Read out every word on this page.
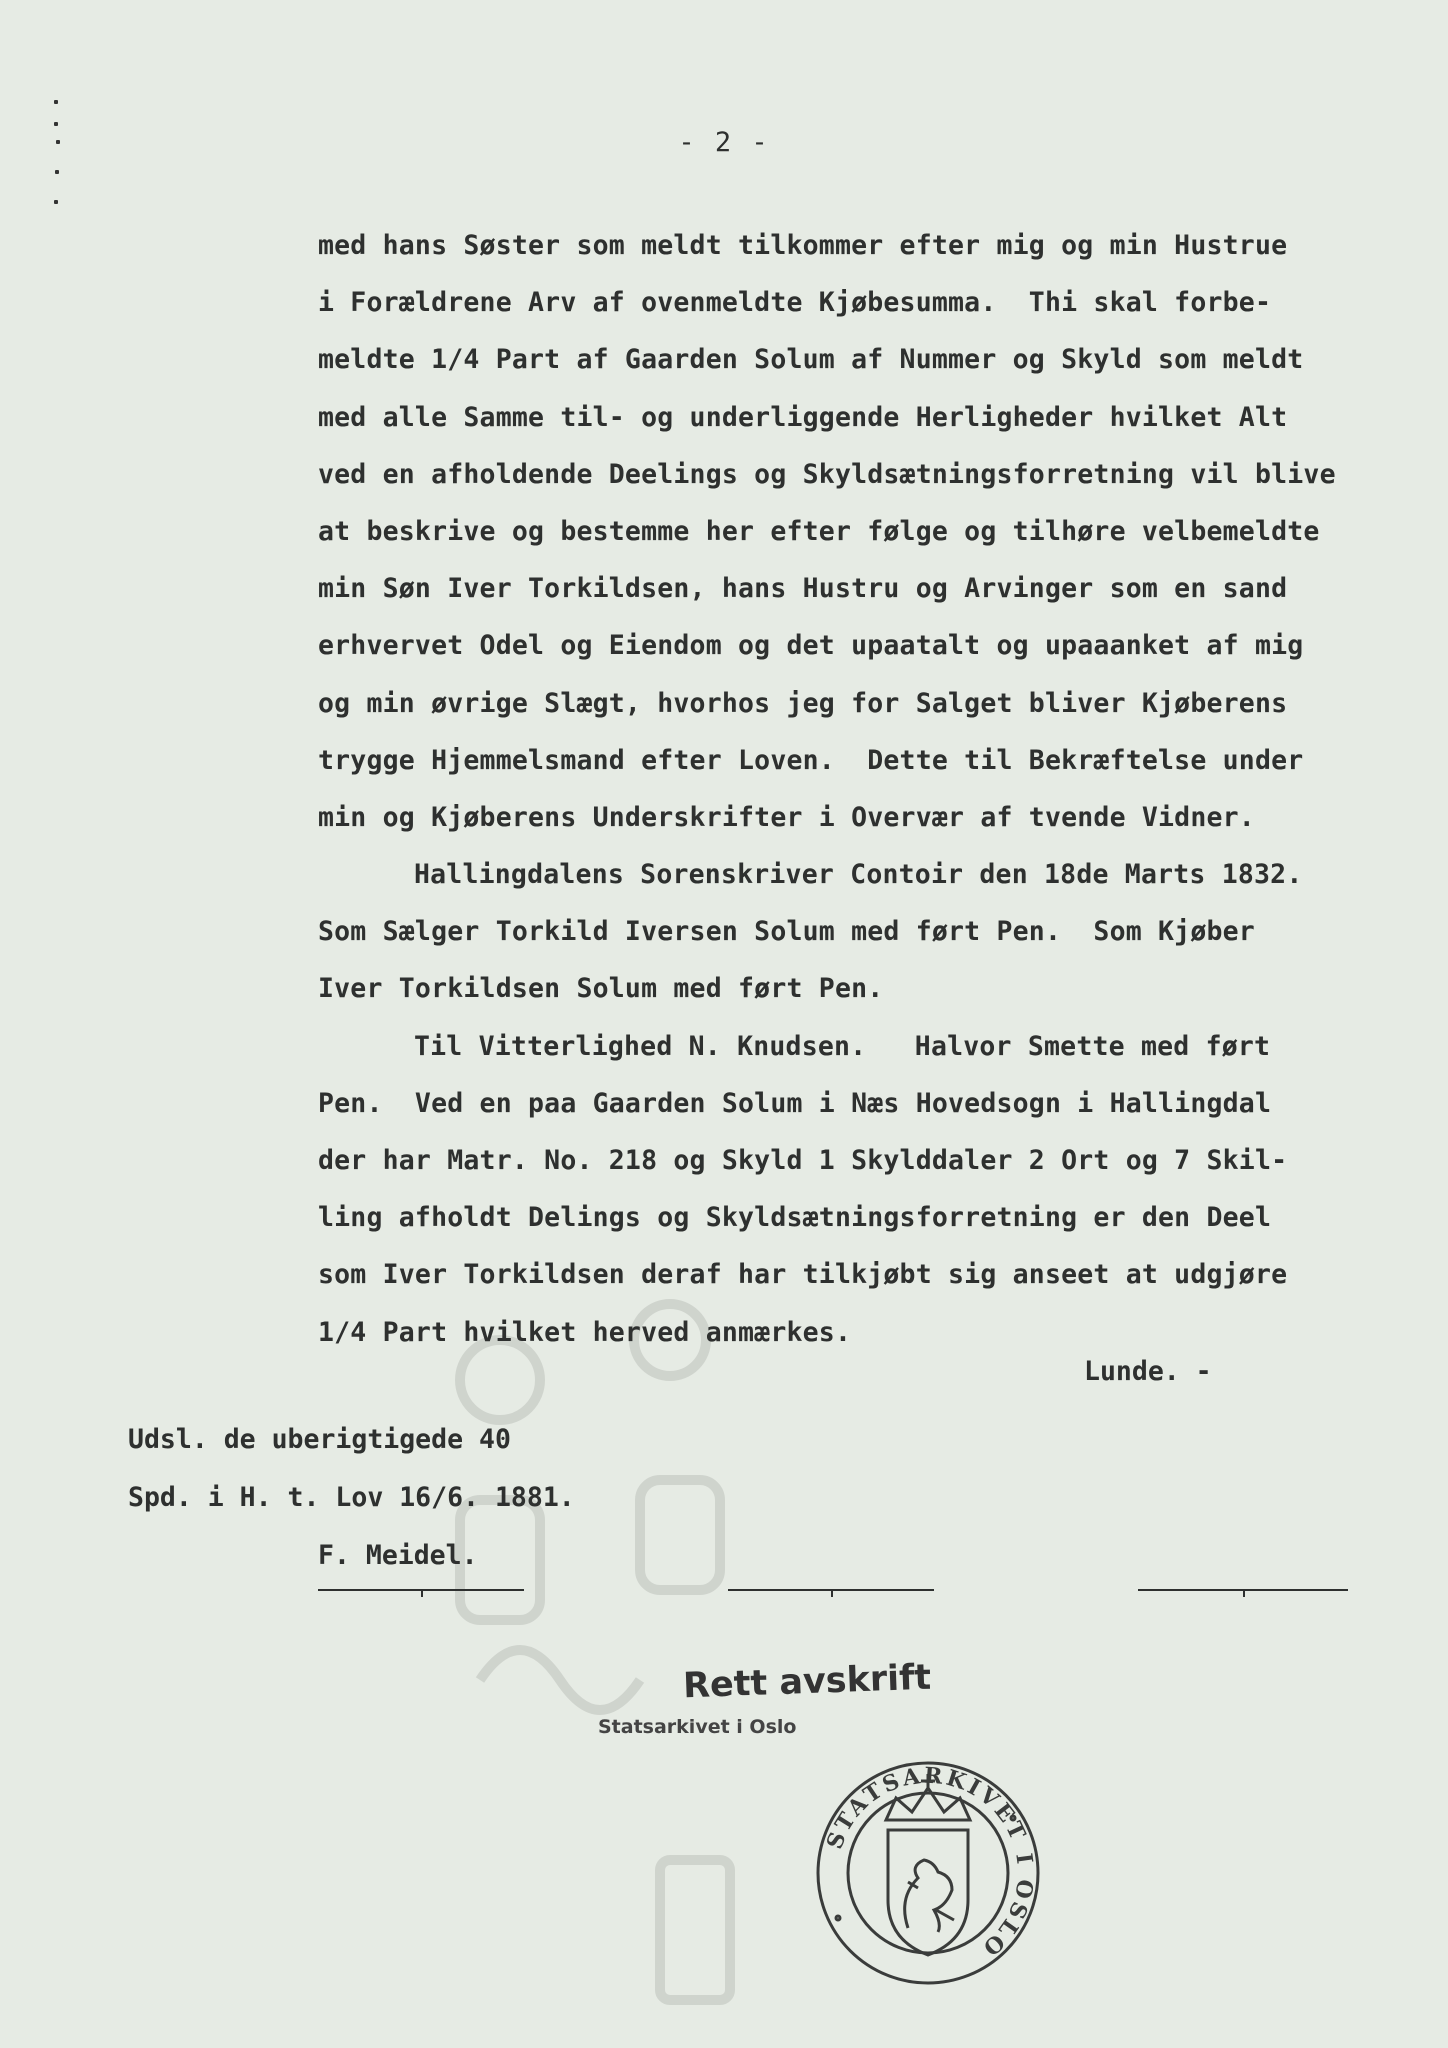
- 2 -
med hans Søster som meldt tilkommer efter mig og min Hustrue
i Forældrene Arv af ovenmeldte Kjøbesumma.  Thi skal forbe-
meldte 1/4 Part af Gaarden Solum af Nummer og Skyld som meldt
med alle Samme til- og underliggende Herligheder hvilket Alt
ved en afholdende Deelings og Skyldsætningsforretning vil blive
at beskrive og bestemme her efter følge og tilhøre velbemeldte
min Søn Iver Torkildsen, hans Hustru og Arvinger som en sand
erhvervet Odel og Eiendom og det upaatalt og upaaanket af mig
og min øvrige Slægt, hvorhos jeg for Salget bliver Kjøberens
trygge Hjemmelsmand efter Loven.  Dette til Bekræftelse under
min og Kjøberens Underskrifter i Overvær af tvende Vidner.
Hallingdalens Sorenskriver Contoir den 18de Marts 1832.
Som Sælger Torkild Iversen Solum med ført Pen.  Som Kjøber
Iver Torkildsen Solum med ført Pen.
Til Vitterlighed N. Knudsen.   Halvor Smette med ført
Pen.  Ved en paa Gaarden Solum i Næs Hovedsogn i Hallingdal
der har Matr. No. 218 og Skyld 1 Skylddaler 2 Ort og 7 Skil-
ling afholdt Delings og Skyldsætningsforretning er den Deel
som Iver Torkildsen deraf har tilkjøbt sig anseet at udgjøre
1/4 Part hvilket herved anmærkes.
Lunde. -
Udsl. de uberigtigede 40
Spd. i H. t. Lov 16/6. 1881.
F. Meidel.
Rett avskrift
Statsarkivet i Oslo
STATSARKIVET I OSLO
